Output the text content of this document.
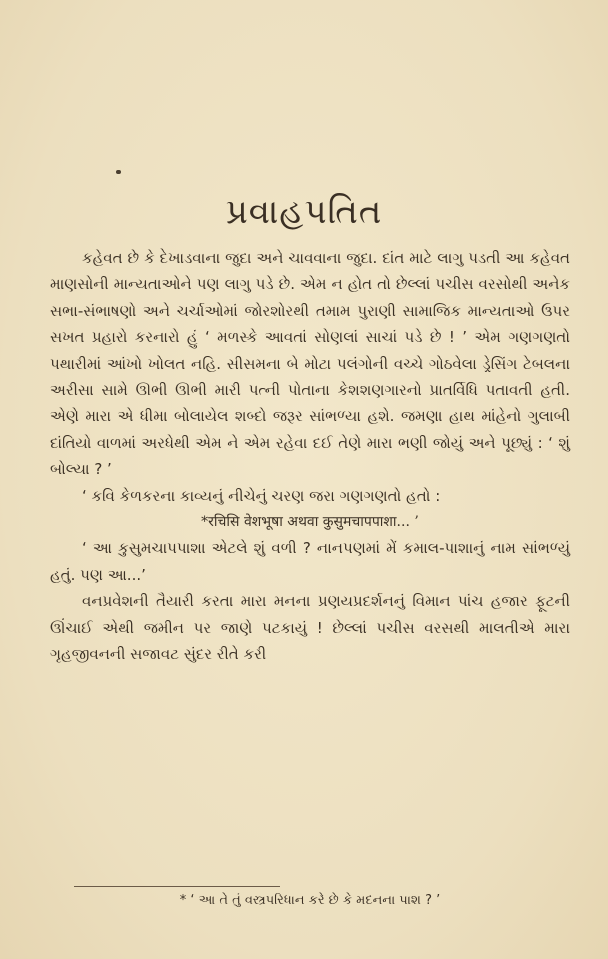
પ્રવાહપતિત

કહેવત છે કે દેખાડવાના જુદા અને ચાવવાના જુદા. દાંત માટે લાગુ પડતી આ કહેવત માણસોની માન્યતાઓને પણ લાગુ પડે છે. એમ ન હોત તો છેલ્લાં પચીસ વરસોથી અનેક સભા-સંભાષણો અને ચર્ચાઓમાં જોરશોરથી તમામ પુરાણી સામાજિક માન્યતાઓ ઉપર સખત પ્રહારો કરનારો હું ‘ મળસ્કે આવતાં સોણલાં સાચાં પડે છે ! ’ એમ ગણગણતો પથારીમાં આંખો ખોલત નહિ. સીસમના બે મોટા પલંગોની વચ્ચે ગોઠવેલા ડ્રેસિંગ ટેબલના અરીસા સામે ઊભી ઊભી મારી પત્ની પોતાના કેશશણગારનો પ્રાતર્વિધિ પતાવતી હતી. એણે મારા એ ધીમા બોલાયેલ શબ્દો જરૂર સાંભળ્યા હશે. જમણા હાથ માંહેનો ગુલાબી દાંતિયો વાળમાં અરધેથી એમ ને એમ રહેવા દઈ તેણે મારા ભણી જોયું અને પૂછ્યું : ‘ શું બોલ્યા ? ’

‘ કવિ કેળકરના કાવ્યનું નીચેનું ચરણ જરા ગણગણતો હતો :

*रचिसि वेशभूषा अथवा कुसुमचापपाशा... ’

‘ આ કુસુમચાપપાશા એટલે શું વળી ? નાનપણમાં મેં કમાલ-પાશાનું નામ સાંભળ્યું હતું. પણ આ...’

વનપ્રવેશની તૈયારી કરતા મારા મનના પ્રણયપ્રદર્શનનું વિમાન પાંચ હજાર ફૂટની ઊંચાઈ એથી જમીન પર જાણે પટકાયું ! છેલ્લાં પચીસ વરસથી માલતીએ મારા ગૃહજીવનની સજાવટ સુંદર રીતે કરી

* ‘ આ તે તું વસ્ત્રપરિધાન કરે છે કે મદનના પાશ ? ’
